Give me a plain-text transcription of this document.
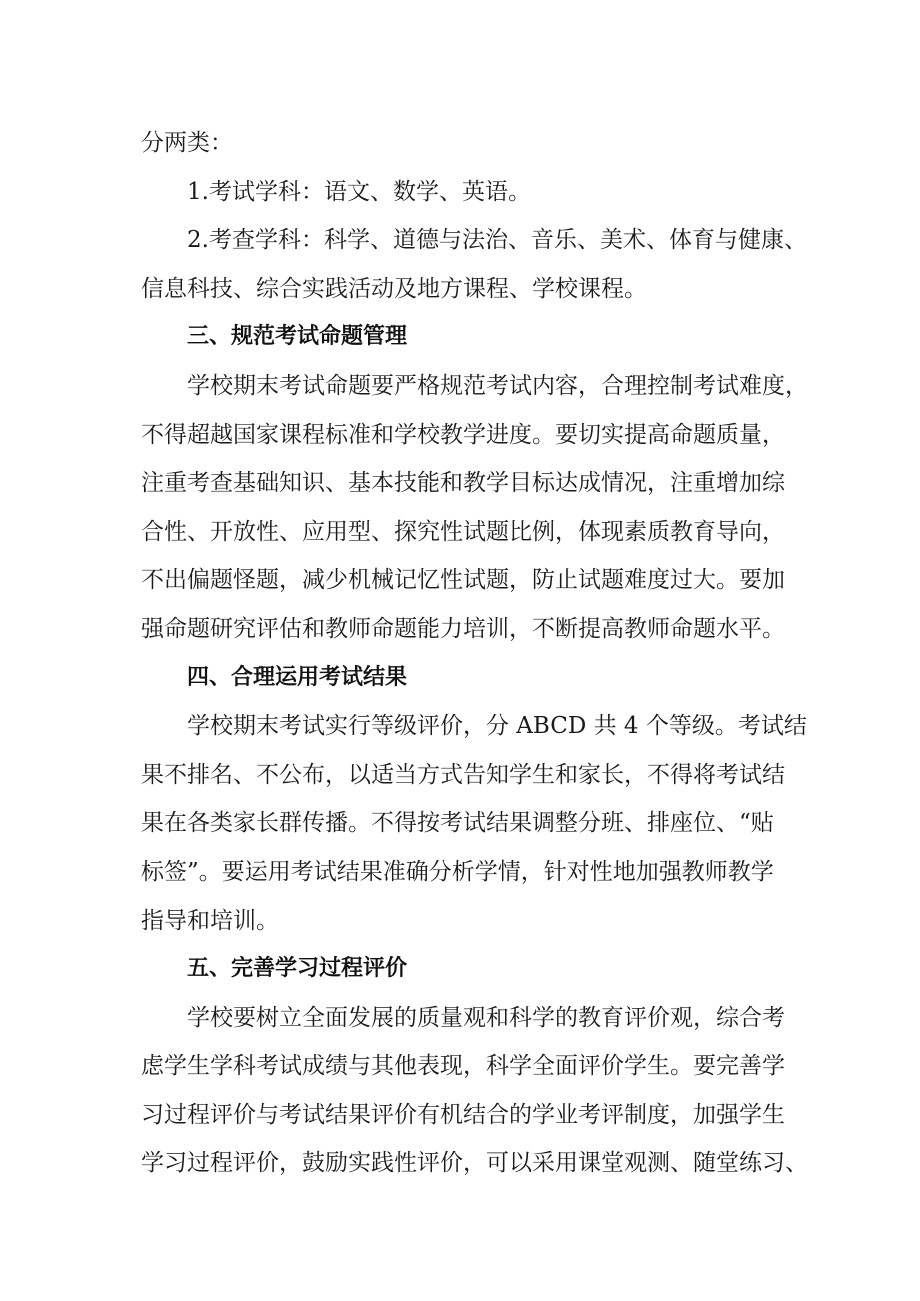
分两类：
1.考试学科：语文、数学、英语。
2.考查学科：科学、道德与法治、音乐、美术、体育与健康、
信息科技、综合实践活动及地方课程、学校课程。
三、规范考试命题管理
学校期末考试命题要严格规范考试内容，合理控制考试难度，
不得超越国家课程标准和学校教学进度。要切实提高命题质量，
注重考查基础知识、基本技能和教学目标达成情况，注重增加综
合性、开放性、应用型、探究性试题比例，体现素质教育导向，
不出偏题怪题，减少机械记忆性试题，防止试题难度过大。要加
强命题研究评估和教师命题能力培训，不断提高教师命题水平。
四、合理运用考试结果
学校期末考试实行等级评价，分 ABCD 共 4 个等级。考试结
果不排名、不公布，以适当方式告知学生和家长，不得将考试结
果在各类家长群传播。不得按考试结果调整分班、排座位、“贴
标签”。要运用考试结果准确分析学情，针对性地加强教师教学
指导和培训。
五、完善学习过程评价
学校要树立全面发展的质量观和科学的教育评价观，综合考
虑学生学科考试成绩与其他表现，科学全面评价学生。要完善学
习过程评价与考试结果评价有机结合的学业考评制度，加强学生
学习过程评价，鼓励实践性评价，可以采用课堂观测、随堂练习、
